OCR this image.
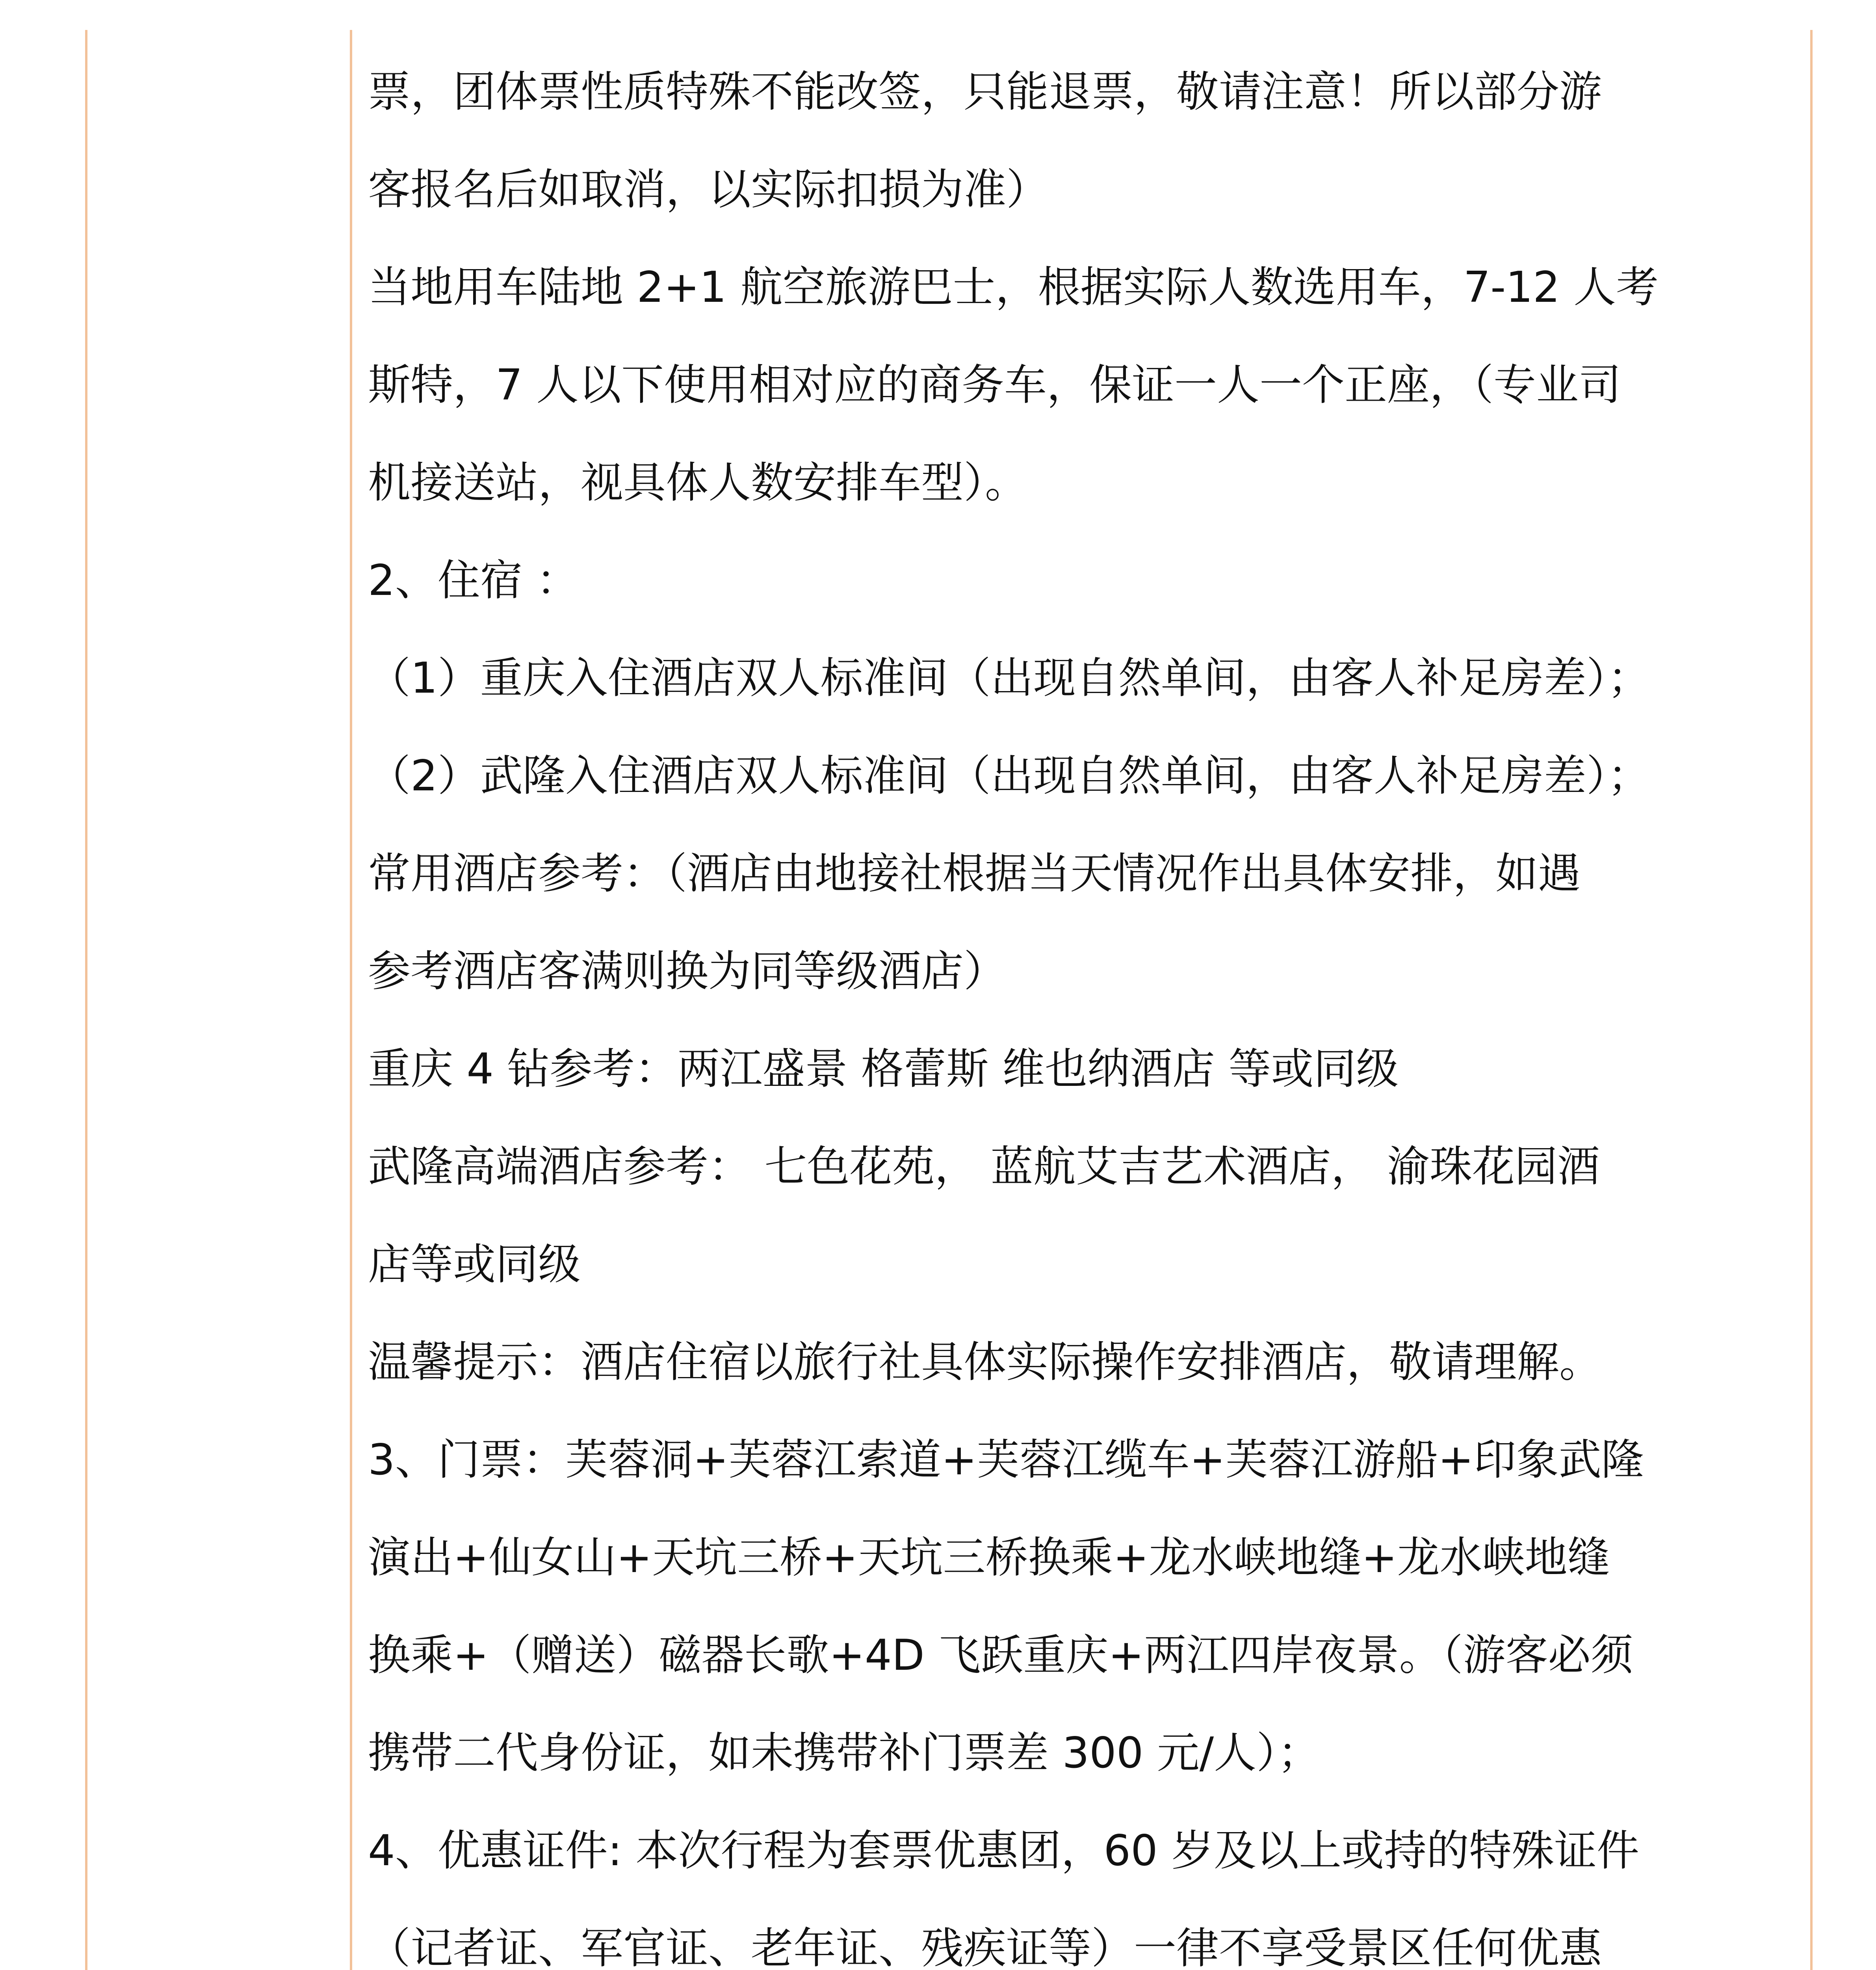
票，团体票性质特殊不能改签，只能退票，敬请注意！所以部分游
客报名后如取消，以实际扣损为准）
当地用车陆地 2+1 航空旅游巴士，根据实际人数选用车，7-12 人考
斯特，7 人以下使用相对应的商务车，保证一人一个正座，（专业司
机接送站，视具体人数安排车型）。
2、住宿 ：
（1）重庆入住酒店双人标准间（出现自然单间，由客人补足房差）；
（2）武隆入住酒店双人标准间（出现自然单间，由客人补足房差）；
常用酒店参考：（酒店由地接社根据当天情况作出具体安排，如遇
参考酒店客满则换为同等级酒店）
重庆 4 钻参考：两江盛景 格蕾斯 维也纳酒店 等或同级
武隆高端酒店参考： 七色花苑， 蓝航艾吉艺术酒店， 渝珠花园酒
店等或同级
温馨提示：酒店住宿以旅行社具体实际操作安排酒店，敬请理解。
3、门票：芙蓉洞+芙蓉江索道+芙蓉江缆车+芙蓉江游船+印象武隆
演出+仙女山+天坑三桥+天坑三桥换乘+龙水峡地缝+龙水峡地缝
换乘+（赠送）磁器长歌+4D 飞跃重庆+两江四岸夜景。（游客必须
携带二代身份证，如未携带补门票差 300 元/人）；
4、优惠证件: 本次行程为套票优惠团，60 岁及以上或持的特殊证件
（记者证、军官证、老年证、残疾证等）一律不享受景区任何优惠
